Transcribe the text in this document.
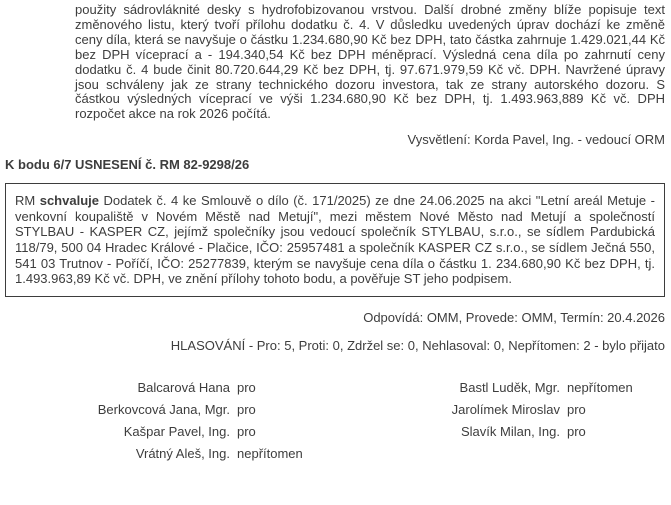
použity sádrovláknité desky s hydrofobizovanou vrstvou. Další drobné změny blíže popisuje text změnového listu, který tvoří přílohu dodatku č. 4. V důsledku uvedených úprav dochází ke změně ceny díla, která se navyšuje o částku 1.234.680,90 Kč bez DPH, tato částka zahrnuje 1.429.021,44 Kč bez DPH víceprací a - 194.340,54 Kč bez DPH méněprací. Výsledná cena díla po zahrnutí ceny dodatku č. 4 bude činit 80.720.644,29 Kč bez DPH, tj. 97.671.979,59 Kč vč. DPH. Navržené úpravy jsou schváleny jak ze strany technického dozoru investora, tak ze strany autorského dozoru. S částkou výsledných víceprací ve výši 1.234.680,90 Kč bez DPH, tj. 1.493.963,889 Kč vč. DPH rozpočet akce na rok 2026 počítá.
Vysvětlení: Korda Pavel, Ing. - vedoucí ORM
K bodu 6/7 USNESENÍ č. RM 82-9298/26
RM schvaluje Dodatek č. 4 ke Smlouvě o dílo (č. 171/2025) ze dne 24.06.2025 na akci "Letní areál Metuje - venkovní koupaliště v Novém Městě nad Metují", mezi městem Nové Město nad Metují a společností STYLBAU - KASPER CZ, jejímž společníky jsou vedoucí společník STYLBAU, s.r.o., se sídlem Pardubická 118/79, 500 04 Hradec Králové - Plačice, IČO: 25957481 a společník KASPER CZ s.r.o., se sídlem Ječná 550, 541 03 Trutnov - Poříčí, IČO: 25277839, kterým se navyšuje cena díla o částku 1. 234.680,90 Kč bez DPH, tj. 1.493.963,89 Kč vč. DPH, ve znění přílohy tohoto bodu, a pověřuje ST jeho podpisem.
Odpovídá: OMM, Provede: OMM, Termín: 20.4.2026
HLASOVÁNÍ - Pro: 5, Proti: 0, Zdržel se: 0, Nehlasoval: 0, Nepřítomen: 2 - bylo přijato
Balcarová Hana pro	Bastl Luděk, Mgr. nepřítomen
Berkovcová Jana, Mgr. pro	Jarolímek Miroslav pro
Kašpar Pavel, Ing. pro	Slavík Milan, Ing. pro
Vrátný Aleš, Ing. nepřítomen
